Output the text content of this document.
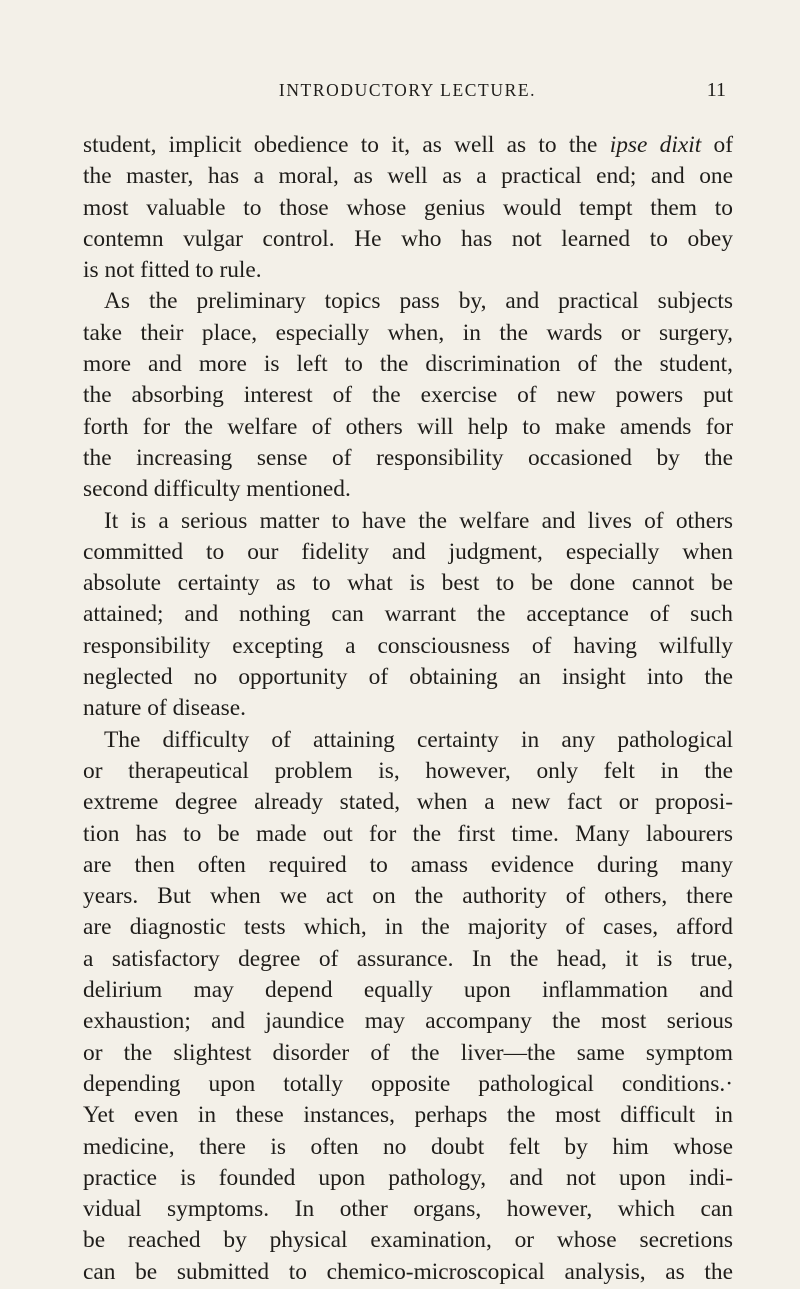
INTRODUCTORY LECTURE.	11
student, implicit obedience to it, as well as to the ipse dixit of
the master, has a moral, as well as a practical end; and one
most valuable to those whose genius would tempt them to
contemn vulgar control. He who has not learned to obey
is not fitted to rule.
As the preliminary topics pass by, and practical subjects
take their place, especially when, in the wards or surgery,
more and more is left to the discrimination of the student,
the absorbing interest of the exercise of new powers put
forth for the welfare of others will help to make amends for
the increasing sense of responsibility occasioned by the
second difficulty mentioned.
It is a serious matter to have the welfare and lives of others
committed to our fidelity and judgment, especially when
absolute certainty as to what is best to be done cannot be
attained; and nothing can warrant the acceptance of such
responsibility excepting a consciousness of having wilfully
neglected no opportunity of obtaining an insight into the
nature of disease.
The difficulty of attaining certainty in any pathological
or therapeutical problem is, however, only felt in the
extreme degree already stated, when a new fact or proposi-
tion has to be made out for the first time. Many labourers
are then often required to amass evidence during many
years. But when we act on the authority of others, there
are diagnostic tests which, in the majority of cases, afford
a satisfactory degree of assurance. In the head, it is true,
delirium may depend equally upon inflammation and
exhaustion; and jaundice may accompany the most serious
or the slightest disorder of the liver—the same symptom
depending upon totally opposite pathological conditions.·
Yet even in these instances, perhaps the most difficult in
medicine, there is often no doubt felt by him whose
practice is founded upon pathology, and not upon indi-
vidual symptoms. In other organs, however, which can
be reached by physical examination, or whose secretions
can be submitted to chemico-microscopical analysis, as the
